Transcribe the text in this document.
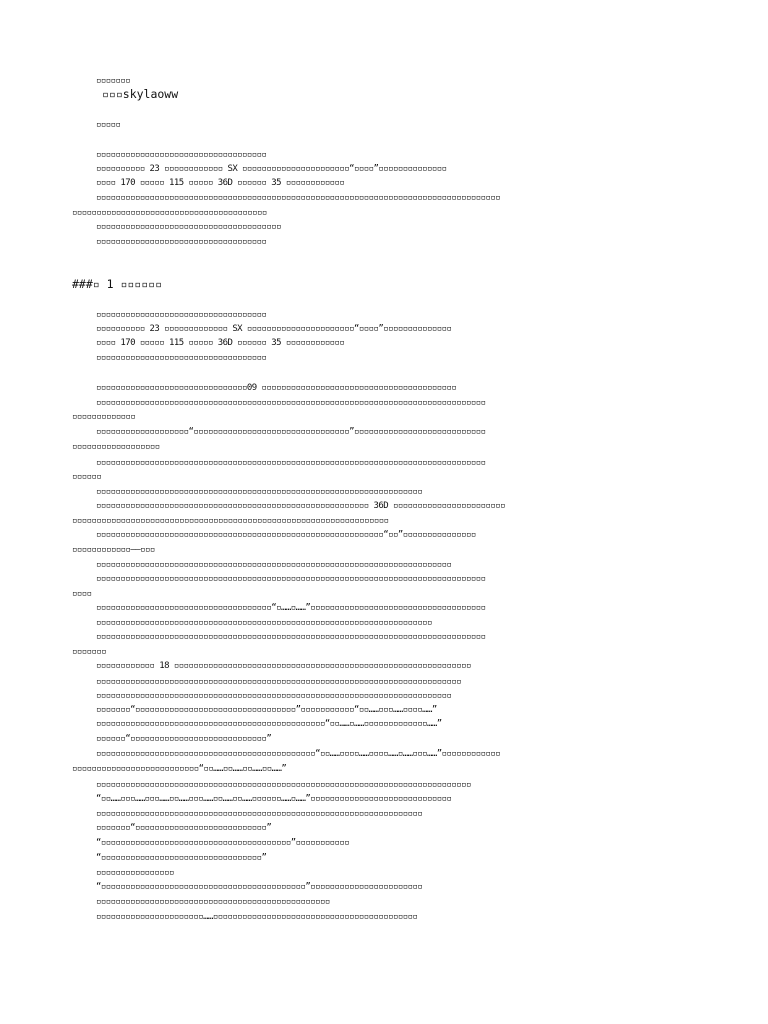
▫▫▫▫▫▫▫
▫▫▫skylaoww
▫▫▫▫▫
▫▫▫▫▫▫▫▫▫▫▫▫▫▫▫▫▫▫▫▫▫▫▫▫▫▫▫▫▫▫▫▫▫▫▫
▫▫▫▫▫▫▫▫▫▫ 23 ▫▫▫▫▫▫▫▫▫▫▫▫ SX ▫▫▫▫▫▫▫▫▫▫▫▫▫▫▫▫▫▫▫▫▫▫“▫▫▫▫”▫▫▫▫▫▫▫▫▫▫▫▫▫▫
▫▫▫▫ 170 ▫▫▫▫▫ 115 ▫▫▫▫▫ 36D ▫▫▫▫▫▫ 35 ▫▫▫▫▫▫▫▫▫▫▫▫
▫▫▫▫▫▫▫▫▫▫▫▫▫▫▫▫▫▫▫▫▫▫▫▫▫▫▫▫▫▫▫▫▫▫▫▫▫▫▫▫▫▫▫▫▫▫▫▫▫▫▫▫▫▫▫▫▫▫▫▫▫▫▫▫▫▫▫▫▫▫▫▫▫▫▫▫▫▫▫▫▫▫▫
▫▫▫▫▫▫▫▫▫▫▫▫▫▫▫▫▫▫▫▫▫▫▫▫▫▫▫▫▫▫▫▫▫▫▫▫▫▫▫▫
▫▫▫▫▫▫▫▫▫▫▫▫▫▫▫▫▫▫▫▫▫▫▫▫▫▫▫▫▫▫▫▫▫▫▫▫▫▫
▫▫▫▫▫▫▫▫▫▫▫▫▫▫▫▫▫▫▫▫▫▫▫▫▫▫▫▫▫▫▫▫▫▫▫
###▫ 1 ▫▫▫▫▫▫
▫▫▫▫▫▫▫▫▫▫▫▫▫▫▫▫▫▫▫▫▫▫▫▫▫▫▫▫▫▫▫▫▫▫▫
▫▫▫▫▫▫▫▫▫▫ 23 ▫▫▫▫▫▫▫▫▫▫▫▫▫ SX ▫▫▫▫▫▫▫▫▫▫▫▫▫▫▫▫▫▫▫▫▫▫“▫▫▫▫”▫▫▫▫▫▫▫▫▫▫▫▫▫▫
▫▫▫▫ 170 ▫▫▫▫▫ 115 ▫▫▫▫▫ 36D ▫▫▫▫▫▫ 35 ▫▫▫▫▫▫▫▫▫▫▫▫
▫▫▫▫▫▫▫▫▫▫▫▫▫▫▫▫▫▫▫▫▫▫▫▫▫▫▫▫▫▫▫▫▫▫▫
▫▫▫▫▫▫▫▫▫▫▫▫▫▫▫▫▫▫▫▫▫▫▫▫▫▫▫▫▫▫▫09 ▫▫▫▫▫▫▫▫▫▫▫▫▫▫▫▫▫▫▫▫▫▫▫▫▫▫▫▫▫▫▫▫▫▫▫▫▫▫▫▫
▫▫▫▫▫▫▫▫▫▫▫▫▫▫▫▫▫▫▫▫▫▫▫▫▫▫▫▫▫▫▫▫▫▫▫▫▫▫▫▫▫▫▫▫▫▫▫▫▫▫▫▫▫▫▫▫▫▫▫▫▫▫▫▫▫▫▫▫▫▫▫▫▫▫▫▫▫▫▫▫
▫▫▫▫▫▫▫▫▫▫▫▫▫
▫▫▫▫▫▫▫▫▫▫▫▫▫▫▫▫▫▫▫“▫▫▫▫▫▫▫▫▫▫▫▫▫▫▫▫▫▫▫▫▫▫▫▫▫▫▫▫▫▫▫▫”▫▫▫▫▫▫▫▫▫▫▫▫▫▫▫▫▫▫▫▫▫▫▫▫▫▫▫
▫▫▫▫▫▫▫▫▫▫▫▫▫▫▫▫▫▫
▫▫▫▫▫▫▫▫▫▫▫▫▫▫▫▫▫▫▫▫▫▫▫▫▫▫▫▫▫▫▫▫▫▫▫▫▫▫▫▫▫▫▫▫▫▫▫▫▫▫▫▫▫▫▫▫▫▫▫▫▫▫▫▫▫▫▫▫▫▫▫▫▫▫▫▫▫▫▫▫
▫▫▫▫▫▫
▫▫▫▫▫▫▫▫▫▫▫▫▫▫▫▫▫▫▫▫▫▫▫▫▫▫▫▫▫▫▫▫▫▫▫▫▫▫▫▫▫▫▫▫▫▫▫▫▫▫▫▫▫▫▫▫▫▫▫▫▫▫▫▫▫▫▫
▫▫▫▫▫▫▫▫▫▫▫▫▫▫▫▫▫▫▫▫▫▫▫▫▫▫▫▫▫▫▫▫▫▫▫▫▫▫▫▫▫▫▫▫▫▫▫▫▫▫▫▫▫▫▫▫ 36D ▫▫▫▫▫▫▫▫▫▫▫▫▫▫▫▫▫▫▫▫▫▫▫
▫▫▫▫▫▫▫▫▫▫▫▫▫▫▫▫▫▫▫▫▫▫▫▫▫▫▫▫▫▫▫▫▫▫▫▫▫▫▫▫▫▫▫▫▫▫▫▫▫▫▫▫▫▫▫▫▫▫▫▫▫▫▫▫▫
▫▫▫▫▫▫▫▫▫▫▫▫▫▫▫▫▫▫▫▫▫▫▫▫▫▫▫▫▫▫▫▫▫▫▫▫▫▫▫▫▫▫▫▫▫▫▫▫▫▫▫▫▫▫▫▫▫▫▫“▫▫”▫▫▫▫▫▫▫▫▫▫▫▫▫▫▫
▫▫▫▫▫▫▫▫▫▫▫▫——▫▫▫
▫▫▫▫▫▫▫▫▫▫▫▫▫▫▫▫▫▫▫▫▫▫▫▫▫▫▫▫▫▫▫▫▫▫▫▫▫▫▫▫▫▫▫▫▫▫▫▫▫▫▫▫▫▫▫▫▫▫▫▫▫▫▫▫▫▫▫▫▫▫▫▫▫
▫▫▫▫▫▫▫▫▫▫▫▫▫▫▫▫▫▫▫▫▫▫▫▫▫▫▫▫▫▫▫▫▫▫▫▫▫▫▫▫▫▫▫▫▫▫▫▫▫▫▫▫▫▫▫▫▫▫▫▫▫▫▫▫▫▫▫▫▫▫▫▫▫▫▫▫▫▫▫▫
▫▫▫▫
▫▫▫▫▫▫▫▫▫▫▫▫▫▫▫▫▫▫▫▫▫▫▫▫▫▫▫▫▫▫▫▫▫▫▫▫“▫……▫……”▫▫▫▫▫▫▫▫▫▫▫▫▫▫▫▫▫▫▫▫▫▫▫▫▫▫▫▫▫▫▫▫▫▫▫▫
▫▫▫▫▫▫▫▫▫▫▫▫▫▫▫▫▫▫▫▫▫▫▫▫▫▫▫▫▫▫▫▫▫▫▫▫▫▫▫▫▫▫▫▫▫▫▫▫▫▫▫▫▫▫▫▫▫▫▫▫▫▫▫▫▫▫▫▫▫
▫▫▫▫▫▫▫▫▫▫▫▫▫▫▫▫▫▫▫▫▫▫▫▫▫▫▫▫▫▫▫▫▫▫▫▫▫▫▫▫▫▫▫▫▫▫▫▫▫▫▫▫▫▫▫▫▫▫▫▫▫▫▫▫▫▫▫▫▫▫▫▫▫▫▫▫▫▫▫▫
▫▫▫▫▫▫▫
▫▫▫▫▫▫▫▫▫▫▫▫ 18 ▫▫▫▫▫▫▫▫▫▫▫▫▫▫▫▫▫▫▫▫▫▫▫▫▫▫▫▫▫▫▫▫▫▫▫▫▫▫▫▫▫▫▫▫▫▫▫▫▫▫▫▫▫▫▫▫▫▫▫▫▫
▫▫▫▫▫▫▫▫▫▫▫▫▫▫▫▫▫▫▫▫▫▫▫▫▫▫▫▫▫▫▫▫▫▫▫▫▫▫▫▫▫▫▫▫▫▫▫▫▫▫▫▫▫▫▫▫▫▫▫▫▫▫▫▫▫▫▫▫▫▫▫▫▫▫▫
▫▫▫▫▫▫▫▫▫▫▫▫▫▫▫▫▫▫▫▫▫▫▫▫▫▫▫▫▫▫▫▫▫▫▫▫▫▫▫▫▫▫▫▫▫▫▫▫▫▫▫▫▫▫▫▫▫▫▫▫▫▫▫▫▫▫▫▫▫▫▫▫▫
▫▫▫▫▫▫▫“▫▫▫▫▫▫▫▫▫▫▫▫▫▫▫▫▫▫▫▫▫▫▫▫▫▫▫▫▫▫▫▫▫”▫▫▫▫▫▫▫▫▫▫▫“▫▫……▫▫▫……▫▫▫▫……”
▫▫▫▫▫▫▫▫▫▫▫▫▫▫▫▫▫▫▫▫▫▫▫▫▫▫▫▫▫▫▫▫▫▫▫▫▫▫▫▫▫▫▫▫▫▫▫“▫▫……▫……▫▫▫▫▫▫▫▫▫▫▫▫▫……”
▫▫▫▫▫▫“▫▫▫▫▫▫▫▫▫▫▫▫▫▫▫▫▫▫▫▫▫▫▫▫▫▫▫▫”
▫▫▫▫▫▫▫▫▫▫▫▫▫▫▫▫▫▫▫▫▫▫▫▫▫▫▫▫▫▫▫▫▫▫▫▫▫▫▫▫▫▫▫▫▫“▫▫……▫▫▫▫……▫▫▫▫……▫……▫▫▫……”▫▫▫▫▫▫▫▫▫▫▫▫
▫▫▫▫▫▫▫▫▫▫▫▫▫▫▫▫▫▫▫▫▫▫▫▫▫▫“▫▫……▫▫……▫▫……▫▫……”
▫▫▫▫▫▫▫▫▫▫▫▫▫▫▫▫▫▫▫▫▫▫▫▫▫▫▫▫▫▫▫▫▫▫▫▫▫▫▫▫▫▫▫▫▫▫▫▫▫▫▫▫▫▫▫▫▫▫▫▫▫▫▫▫▫▫▫▫▫▫▫▫▫▫▫▫▫
“▫▫……▫▫▫……▫▫▫……▫▫……▫▫▫……▫▫……▫▫……▫▫▫▫▫▫……▫……”▫▫▫▫▫▫▫▫▫▫▫▫▫▫▫▫▫▫▫▫▫▫▫▫▫▫▫▫▫
▫▫▫▫▫▫▫▫▫▫▫▫▫▫▫▫▫▫▫▫▫▫▫▫▫▫▫▫▫▫▫▫▫▫▫▫▫▫▫▫▫▫▫▫▫▫▫▫▫▫▫▫▫▫▫▫▫▫▫▫▫▫▫▫▫▫▫
▫▫▫▫▫▫▫“▫▫▫▫▫▫▫▫▫▫▫▫▫▫▫▫▫▫▫▫▫▫▫▫▫▫▫”
“▫▫▫▫▫▫▫▫▫▫▫▫▫▫▫▫▫▫▫▫▫▫▫▫▫▫▫▫▫▫▫▫▫▫▫▫▫▫▫”▫▫▫▫▫▫▫▫▫▫▫
“▫▫▫▫▫▫▫▫▫▫▫▫▫▫▫▫▫▫▫▫▫▫▫▫▫▫▫▫▫▫▫▫▫”
▫▫▫▫▫▫▫▫▫▫▫▫▫▫▫▫
“▫▫▫▫▫▫▫▫▫▫▫▫▫▫▫▫▫▫▫▫▫▫▫▫▫▫▫▫▫▫▫▫▫▫▫▫▫▫▫▫▫▫”▫▫▫▫▫▫▫▫▫▫▫▫▫▫▫▫▫▫▫▫▫▫▫
▫▫▫▫▫▫▫▫▫▫▫▫▫▫▫▫▫▫▫▫▫▫▫▫▫▫▫▫▫▫▫▫▫▫▫▫▫▫▫▫▫▫▫▫▫▫▫▫
▫▫▫▫▫▫▫▫▫▫▫▫▫▫▫▫▫▫▫▫▫▫……▫▫▫▫▫▫▫▫▫▫▫▫▫▫▫▫▫▫▫▫▫▫▫▫▫▫▫▫▫▫▫▫▫▫▫▫▫▫▫▫▫▫
